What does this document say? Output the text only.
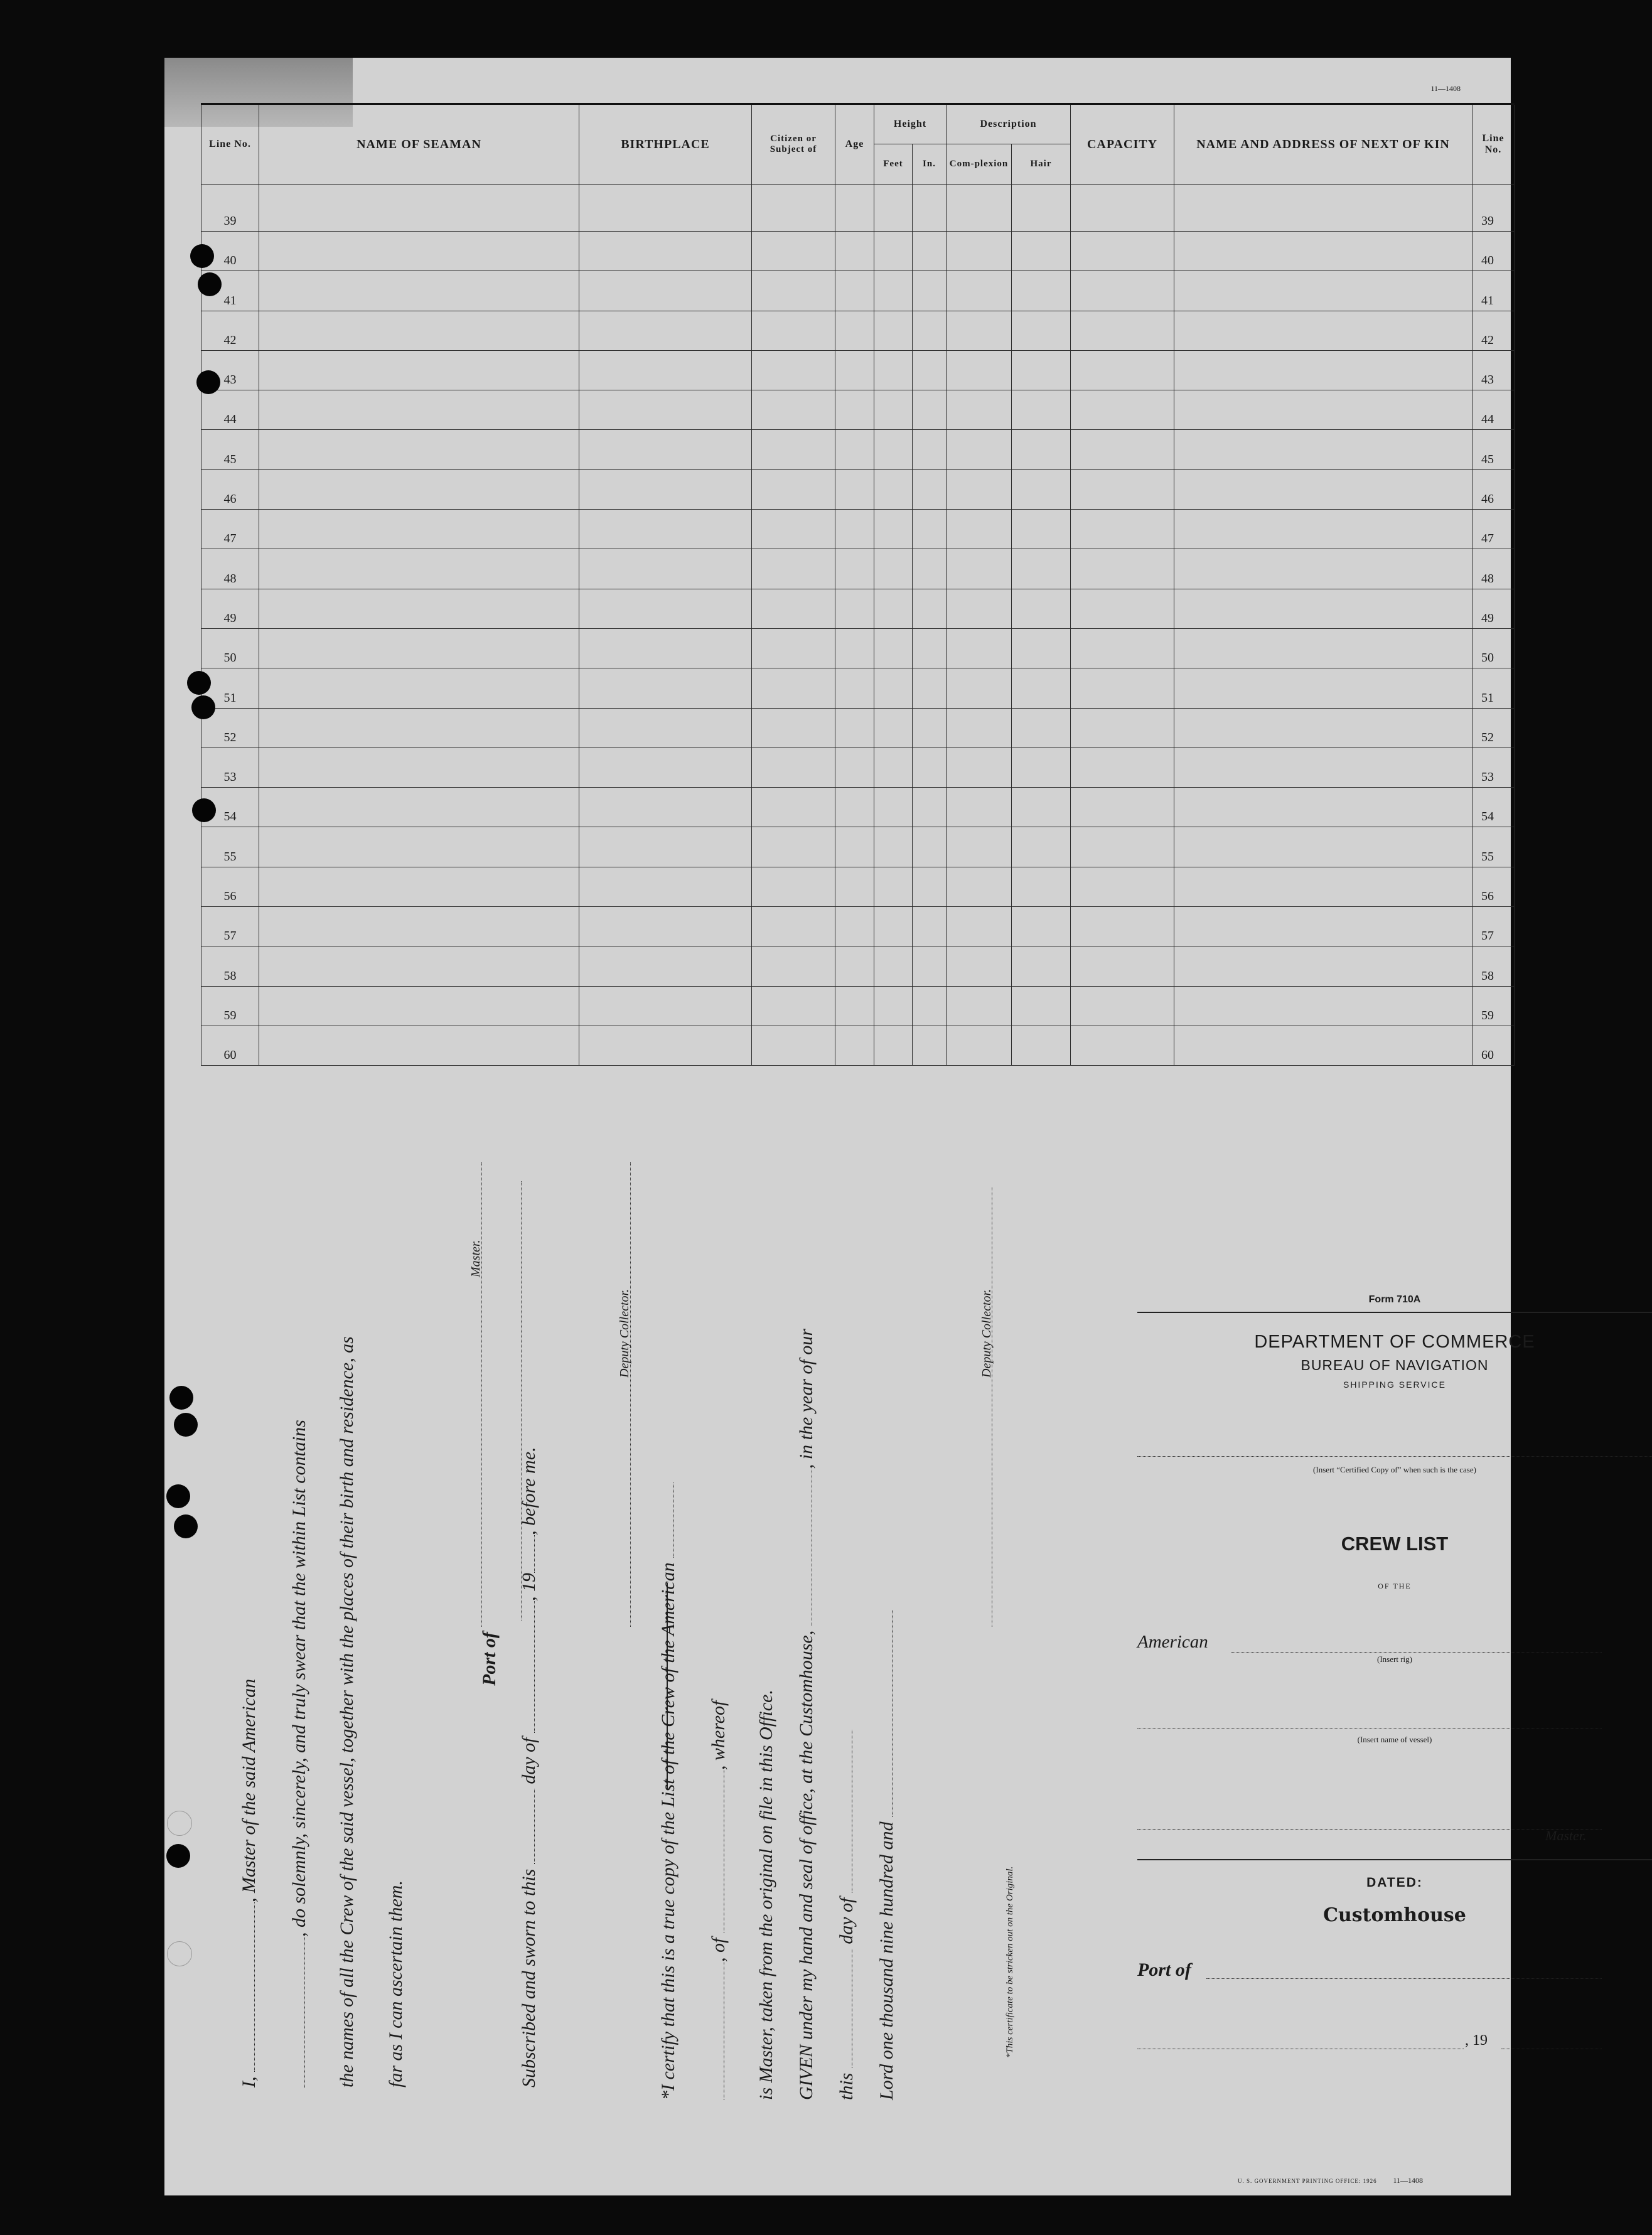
11—1408
Line No.	NAME OF SEAMAN	BIRTHPLACE	Citizen or Subject of	Age	Height		Description		CAPACITY	NAME AND ADDRESS OF NEXT OF KIN	Line No.
					Feet	In.	Com-plexion	Hair			
39											39
40											40
41											41
42											42
43											43
44											44
45											45
46											46
47											47
48											48
49											49
50											50
51											51
52											52
53											53
54											54
55											55
56											56
57											57
58											58
59											59
60											60
I, , Master of the said American , do solemnly, sincerely, and truly swear that the within List contains the names of all the Crew of the said vessel, together with the places of their birth and residence, as far as I can ascertain them.
Master.
Port of
Subscribed and sworn to this  day of , 19, before me.
Deputy Collector.
*I certify that this is a true copy of the List of the Crew of the American , of , whereof is Master, taken from the original on file in this Office. GIVEN under my hand and seal of office, at the Customhouse, , in the year of our
this  day of Lord one thousand nine hundred and
Deputy Collector.
*This certificate to be stricken out on the Original.
Form 710A
DEPARTMENT OF COMMERCE
BUREAU OF NAVIGATION
SHIPPING SERVICE
(Insert “Certified Copy of” when such is the case)
CREW LIST
OF THE
American
(Insert rig)
(Insert name of vessel)
Master.
DATED:
Customhouse
Port of
, 19
U. S. GOVERNMENT PRINTING OFFICE: 1926 11—1408
